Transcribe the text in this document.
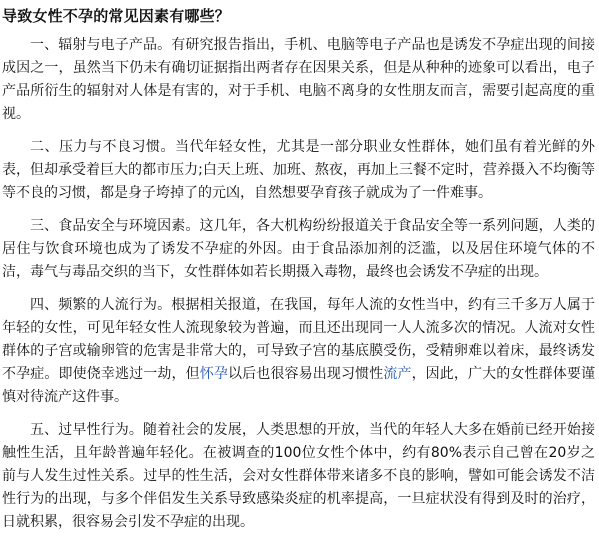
导致女性不孕的常见因素有哪些？

一、辐射与电子产品。有研究报告指出，手机、电脑等电子产品也是诱发不孕症出现的间接成因之一，虽然当下仍未有确切证据指出两者存在因果关系，但是从种种的迹象可以看出，电子产品所衍生的辐射对人体是有害的，对于手机、电脑不离身的女性朋友而言，需要引起高度的重视。

二、压力与不良习惯。当代年轻女性，尤其是一部分职业女性群体，她们虽有着光鲜的外表，但却承受着巨大的都市压力;白天上班、加班、熬夜，再加上三餐不定时，营养摄入不均衡等等不良的习惯，都是身子垮掉了的元凶，自然想要孕育孩子就成为了一件难事。

三、食品安全与环境因素。这几年，各大机构纷纷报道关于食品安全等一系列问题，人类的居住与饮食环境也成为了诱发不孕症的外因。由于食品添加剂的泛滥，以及居住环境气体的不洁，毒气与毒品交织的当下，女性群体如若长期摄入毒物，最终也会诱发不孕症的出现。

四、频繁的人流行为。根据相关报道，在我国，每年人流的女性当中，约有三千多万人属于年轻的女性，可见年轻女性人流现象较为普遍，而且还出现同一人人流多次的情况。人流对女性群体的子宫或输卵管的危害是非常大的，可导致子宫的基底膜受伤，受精卵难以着床，最终诱发不孕症。即使侥幸逃过一劫，但怀孕以后也很容易出现习惯性流产，因此，广大的女性群体要谨慎对待流产这件事。

五、过早性行为。随着社会的发展，人类思想的开放，当代的年轻人大多在婚前已经开始接触性生活，且年龄普遍年轻化。在被调查的100位女性个体中，约有80%表示自己曾在20岁之前与人发生过性关系。过早的性生活，会对女性群体带来诸多不良的影响，譬如可能会诱发不洁性行为的出现，与多个伴侣发生关系导致感染炎症的机率提高，一旦症状没有得到及时的治疗，日就积累，很容易会引发不孕症的出现。
